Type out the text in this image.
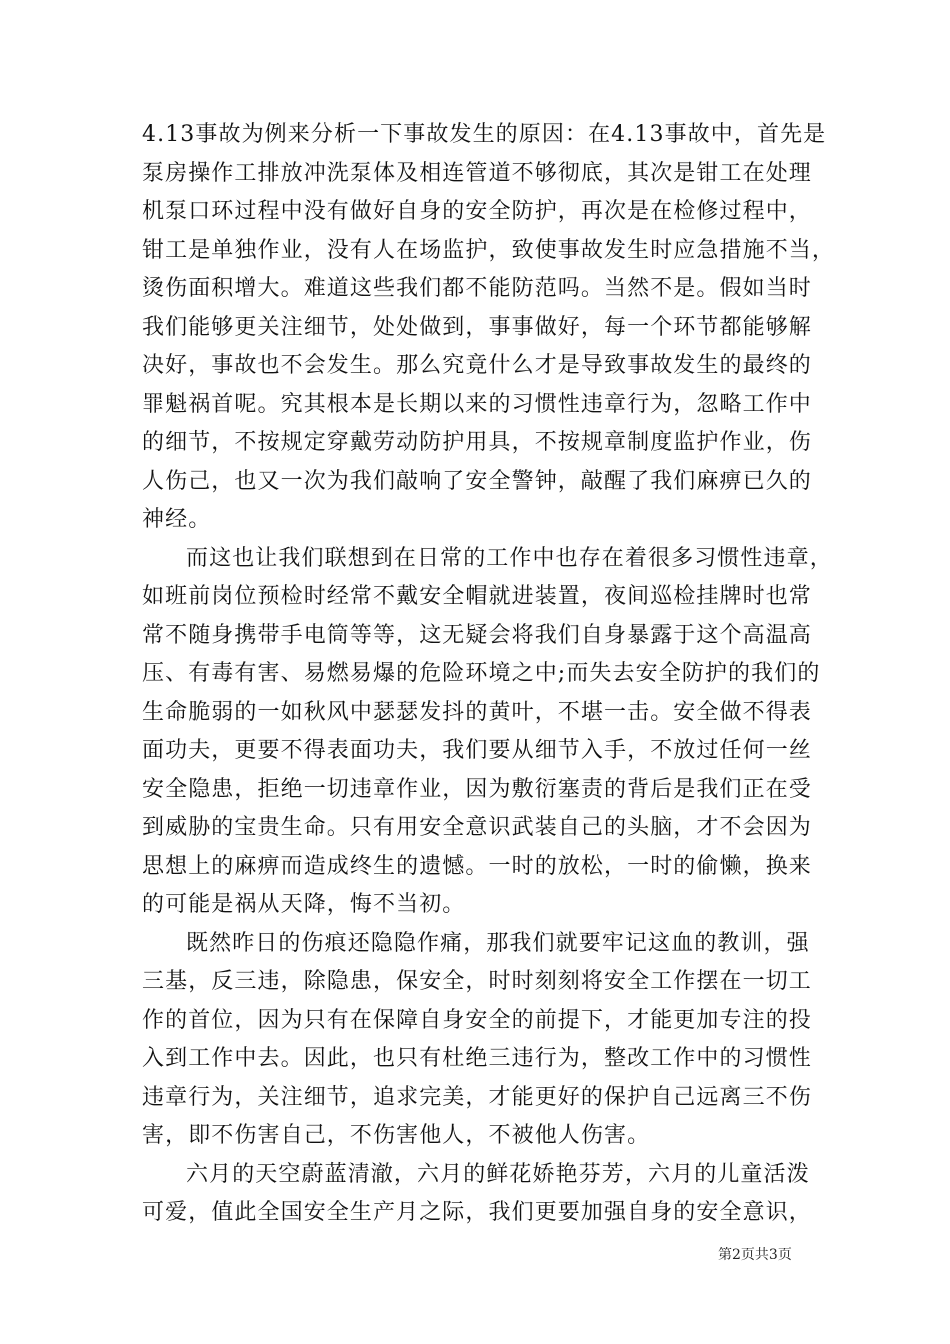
4.13事故为例来分析一下事故发生的原因：在4.13事故中，首先是
泵房操作工排放冲洗泵体及相连管道不够彻底，其次是钳工在处理
机泵口环过程中没有做好自身的安全防护，再次是在检修过程中，
钳工是单独作业，没有人在场监护，致使事故发生时应急措施不当，
烫伤面积增大。难道这些我们都不能防范吗。当然不是。假如当时
我们能够更关注细节，处处做到，事事做好，每一个环节都能够解
决好，事故也不会发生。那么究竟什么才是导致事故发生的最终的
罪魁祸首呢。究其根本是长期以来的习惯性违章行为，忽略工作中
的细节，不按规定穿戴劳动防护用具，不按规章制度监护作业，伤
人伤己，也又一次为我们敲响了安全警钟，敲醒了我们麻痹已久的
神经。
而这也让我们联想到在日常的工作中也存在着很多习惯性违章，
如班前岗位预检时经常不戴安全帽就进装置，夜间巡检挂牌时也常
常不随身携带手电筒等等，这无疑会将我们自身暴露于这个高温高
压、有毒有害、易燃易爆的危险环境之中;而失去安全防护的我们的
生命脆弱的一如秋风中瑟瑟发抖的黄叶，不堪一击。安全做不得表
面功夫，更要不得表面功夫，我们要从细节入手，不放过任何一丝
安全隐患，拒绝一切违章作业，因为敷衍塞责的背后是我们正在受
到威胁的宝贵生命。只有用安全意识武装自己的头脑，才不会因为
思想上的麻痹而造成终生的遗憾。一时的放松，一时的偷懒，换来
的可能是祸从天降，悔不当初。
既然昨日的伤痕还隐隐作痛，那我们就要牢记这血的教训，强
三基，反三违，除隐患，保安全，时时刻刻将安全工作摆在一切工
作的首位，因为只有在保障自身安全的前提下，才能更加专注的投
入到工作中去。因此，也只有杜绝三违行为，整改工作中的习惯性
违章行为，关注细节，追求完美，才能更好的保护自己远离三不伤
害，即不伤害自己，不伤害他人，不被他人伤害。
六月的天空蔚蓝清澈，六月的鲜花娇艳芬芳，六月的儿童活泼
可爱，值此全国安全生产月之际，我们更要加强自身的安全意识，
第2页共3页
